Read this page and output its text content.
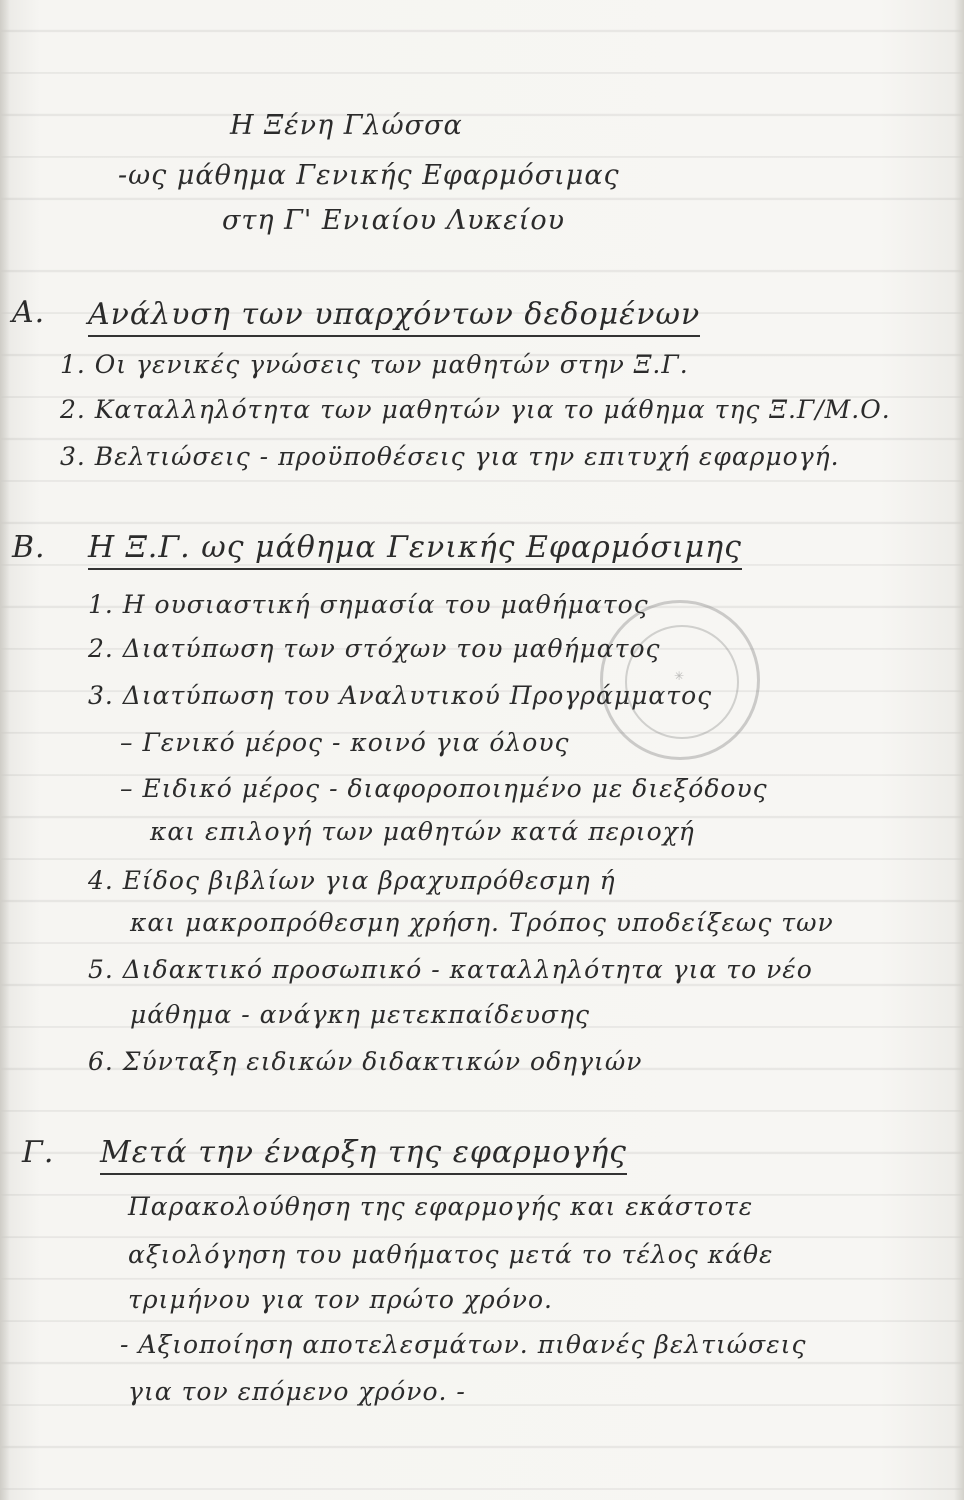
✳
Η Ξένη Γλώσσα
-ως μάθημα Γενικής Εφαρμόσιμας
στη Γ' Ενιαίου Λυκείου
Α. Ανάλυση των υπαρχόντων δεδομένων
1. Οι γενικές γνώσεις των μαθητών στην Ξ.Γ.
2. Καταλληλότητα των μαθητών για το μάθημα της Ξ.Γ/Μ.Ο.
3. Βελτιώσεις - προϋποθέσεις για την επιτυχή εφαρμογή.
Β. Η Ξ.Γ. ως μάθημα Γενικής Εφαρμόσιμης
1. Η ουσιαστική σημασία του μαθήματος
2. Διατύπωση των στόχων του μαθήματος
3. Διατύπωση του Αναλυτικού Προγράμματος
– Γενικό μέρος - κοινό για όλους
– Ειδικό μέρος - διαφοροποιημένο με διεξόδους
και επιλογή των μαθητών κατά περιοχή
4. Είδος βιβλίων για βραχυπρόθεσμη ή
και μακροπρόθεσμη χρήση. Τρόπος υποδείξεως των
5. Διδακτικό προσωπικό - καταλληλότητα για το νέο
μάθημα - ανάγκη μετεκπαίδευσης
6. Σύνταξη ειδικών διδακτικών οδηγιών
Γ. Μετά την έναρξη της εφαρμογής
Παρακολούθηση της εφαρμογής και εκάστοτε
αξιολόγηση του μαθήματος μετά το τέλος κάθε
τριμήνου για τον πρώτο χρόνο.
- Αξιοποίηση αποτελεσμάτων. πιθανές βελτιώσεις
για τον επόμενο χρόνο. -
